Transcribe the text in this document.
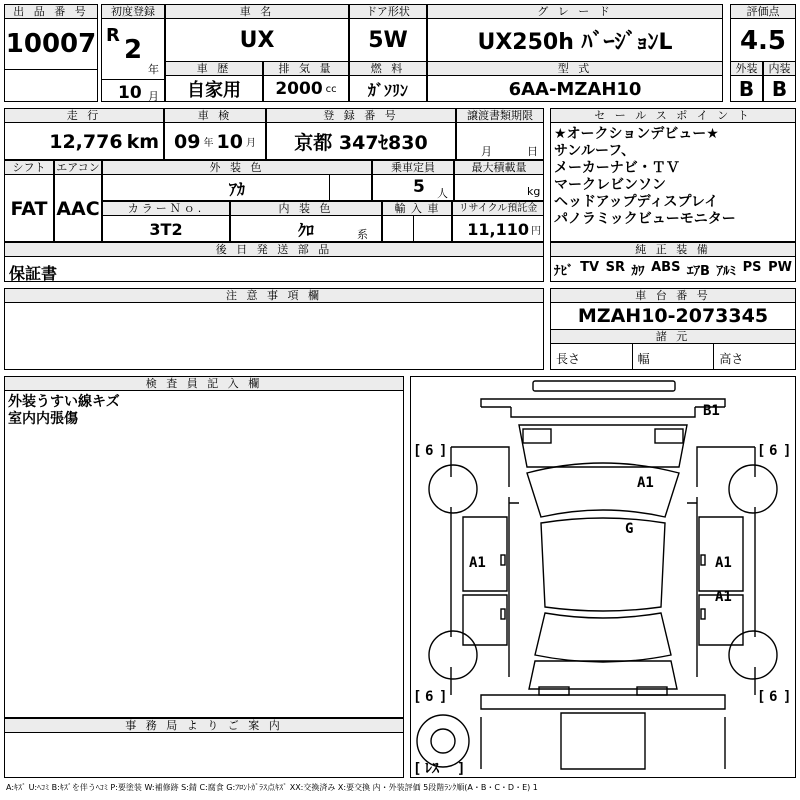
出 品 番 号
10007
初度登録
R 2
年
10 月
車 名
UX
ドア形状
5W
グ レ ー ド
UX250h ﾊﾞｰｼﾞｮﾝL
評価点
4.5
車 歴
自家用
排 気 量
2000 cc
燃 料
ｶﾞｿﾘﾝ
型 式
6AA-MZAH10
外装
B
内装
B
走 行
12,776 km
車 検
09 年 10 月
登 録 番 号
京都 347ｾ830
譲渡書類期限
月	日
シフト
FAT
エアコン
AAC
外 装 色
ｱｶ
乗車定員
5 人
最大積載量
kg
カラーＮｏ.
3T2
内 装 色
ｸﾛ	系
輸 入 車	リサイクル預託金
11,110 円
後 日 発 送 部 品
保証書
セ ー ル ス ポ イ ン ト
★オークションデビュー★
サンルーフ、
メーカーナビ・ＴＶ
マークレビンソン
ヘッドアップディスプレイ
パノラミックビューモニター
純 正 装 備
ﾅﾋﾞ TV SR ｶﾜ ABS ｴｱB ｱﾙﾐ PS PW
注 意 事 項 欄	車 台 番 号
MZAH10-2073345
諸 元
長さ	幅	高さ
検 査 員 記 入 欄
外装うすい線キズ
室内内張傷
事 務 局 よ り ご 案 内
B1
A1
G
A1	A1
A1
[ 6 ]	[ 6 ]
[ 6 ]	[ 6 ]
[ ﾚｽ ]
A:ｷｽﾞ U:ﾍｺﾐ B:ｷｽﾞを伴うﾍｺﾐ P:要塗装 W:補修跡 S:錆 C:腐食 G:ﾌﾛﾝﾄｶﾞﾗｽ点ｷｽﾞ XX:交換済み X:要交換 内・外装評価 5段階ﾗﾝｸ順(A・B・C・D・E) 1
